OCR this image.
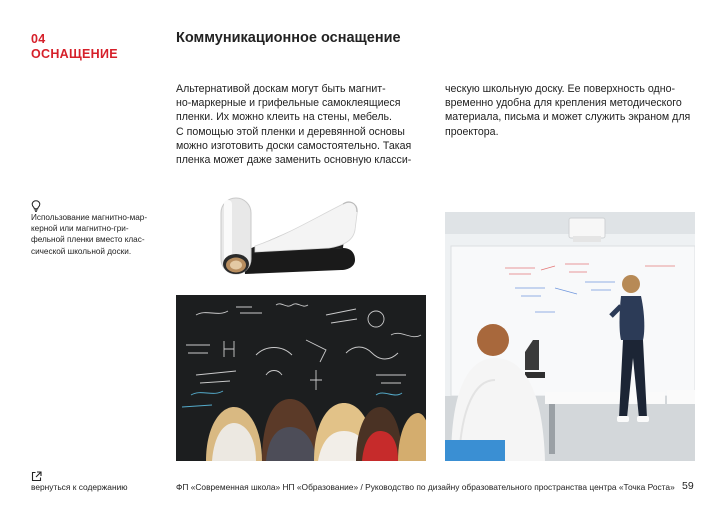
04
ОСНАЩЕНИЕ
Коммуникационное оснащение
Альтернативой доскам могут быть магнит-
но-маркерные и грифельные самоклеящиеся
пленки. Их можно клеить на стены, мебель.
С помощью этой пленки и деревянной основы
можно изготовить доски самостоятельно. Такая
пленка может даже заменить основную класси-
ческую школьную доску. Ее поверхность одно-
временно удобна для крепления методического
материала, письма и может служить экраном для
проектора.
Использование магнитно-мар-
керной или магнитно-гри-
фельной пленки вместо клас-
сической школьной доски.
вернуться к содержанию	ФП «Современная школа» НП «Образование» / Руководство по дизайну образовательного пространства центра «Точка Роста» 59
